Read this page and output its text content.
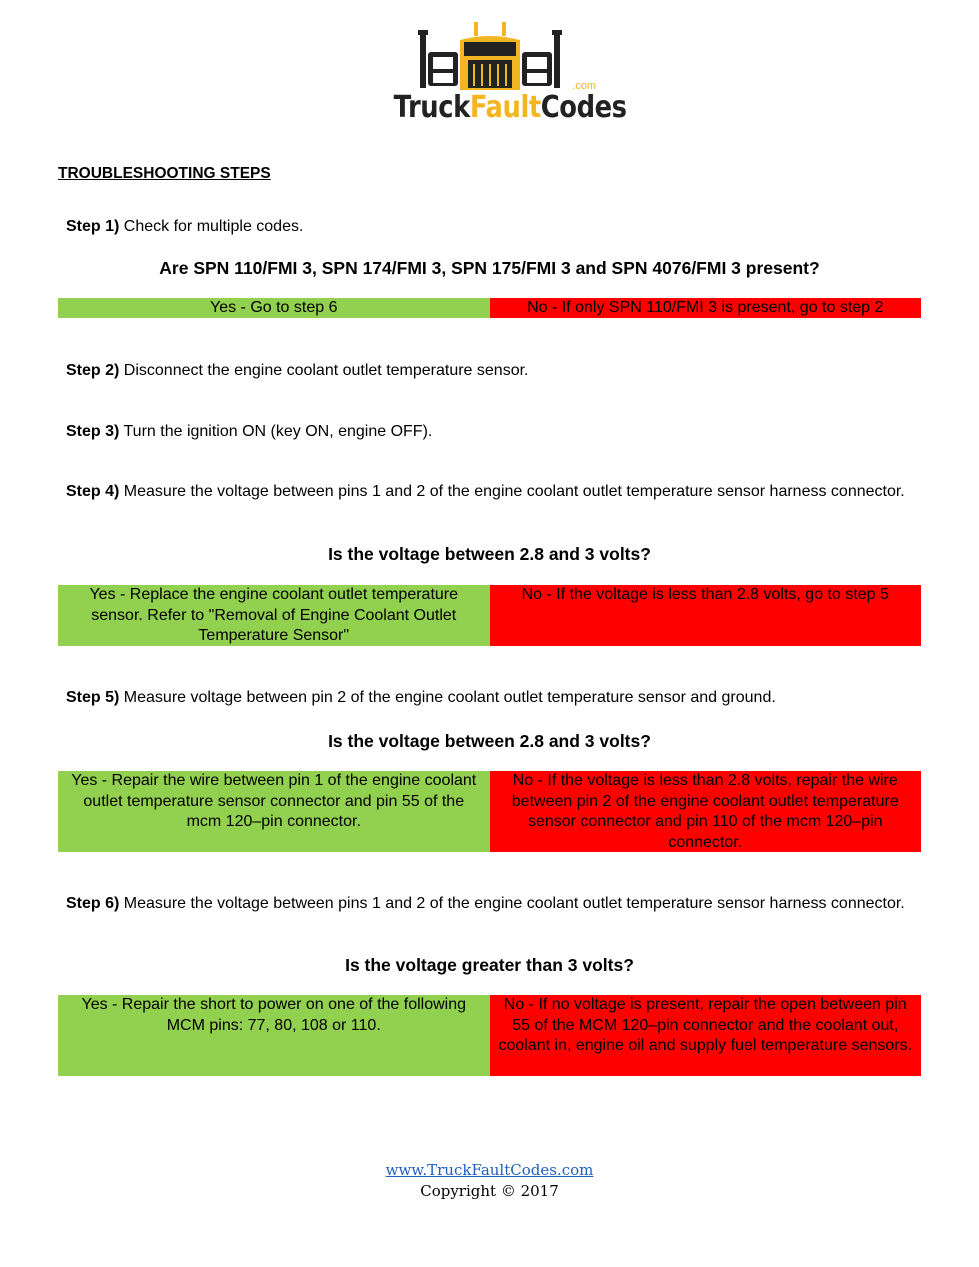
.com
TruckFaultCodes
TROUBLESHOOTING STEPS
Step 1) Check for multiple codes.
Are SPN 110/FMI 3, SPN 174/FMI 3, SPN 175/FMI 3 and SPN 4076/FMI 3 present?
Yes - Go to step 6	No - If only SPN 110/FMI 3 is present, go to step 2
Step 2) Disconnect the engine coolant outlet temperature sensor.
Step 3) Turn the ignition ON (key ON, engine OFF).
Step 4) Measure the voltage between pins 1 and 2 of the engine coolant outlet temperature sensor harness connector.
Is the voltage between 2.8 and 3 volts?
Yes - Replace the engine coolant outlet temperature sensor. Refer to "Removal of Engine Coolant Outlet Temperature Sensor"
No - If the voltage is less than 2.8 volts, go to step 5
Step 5) Measure voltage between pin 2 of the engine coolant outlet temperature sensor and ground.
Is the voltage between 2.8 and 3 volts?
Yes - Repair the wire between pin 1 of the engine coolant outlet temperature sensor connector and pin 55 of the mcm 120–pin connector.
No - If the voltage is less than 2.8 volts, repair the wire between pin 2 of the engine coolant outlet temperature sensor connector and pin 110 of the mcm 120–pin connector.
Step 6) Measure the voltage between pins 1 and 2 of the engine coolant outlet temperature sensor harness connector.
Is the voltage greater than 3 volts?
Yes - Repair the short to power on one of the following MCM pins: 77, 80, 108 or 110.
No - If no voltage is present, repair the open between pin 55 of the MCM 120–pin connector and the coolant out, coolant in, engine oil and supply fuel temperature sensors.
www.TruckFaultCodes.com
Copyright © 2017
